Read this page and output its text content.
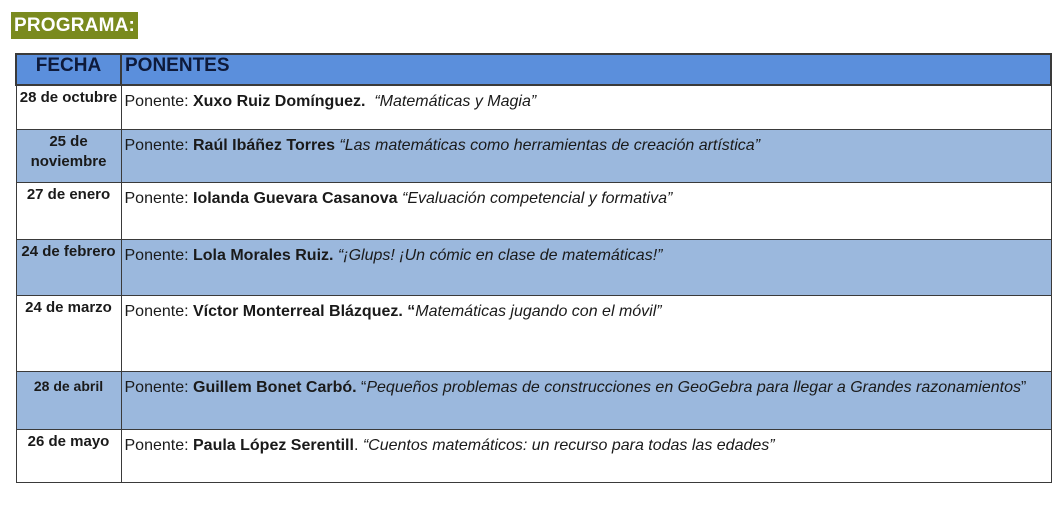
PROGRAMA:
FECHA	PONENTES
28 de octubre	Ponente: Xuxo Ruiz Domínguez. “Matemáticas y Magia”
25 de noviembre	Ponente: Raúl Ibáñez Torres “Las matemáticas como herramientas de creación artística”
27 de enero	Ponente: Iolanda Guevara Casanova “Evaluación competencial y formativa”
24 de febrero	Ponente: Lola Morales Ruiz. “¡Glups! ¡Un cómic en clase de matemáticas!”
24 de marzo	Ponente: Víctor Monterreal Blázquez. “Matemáticas jugando con el móvil”
28 de abril	Ponente: Guillem Bonet Carbó. “Pequeños problemas de construcciones en GeoGebra para llegar a Grandes razonamientos”
26 de mayo	Ponente: Paula López Serentill. “Cuentos matemáticos: un recurso para todas las edades”
